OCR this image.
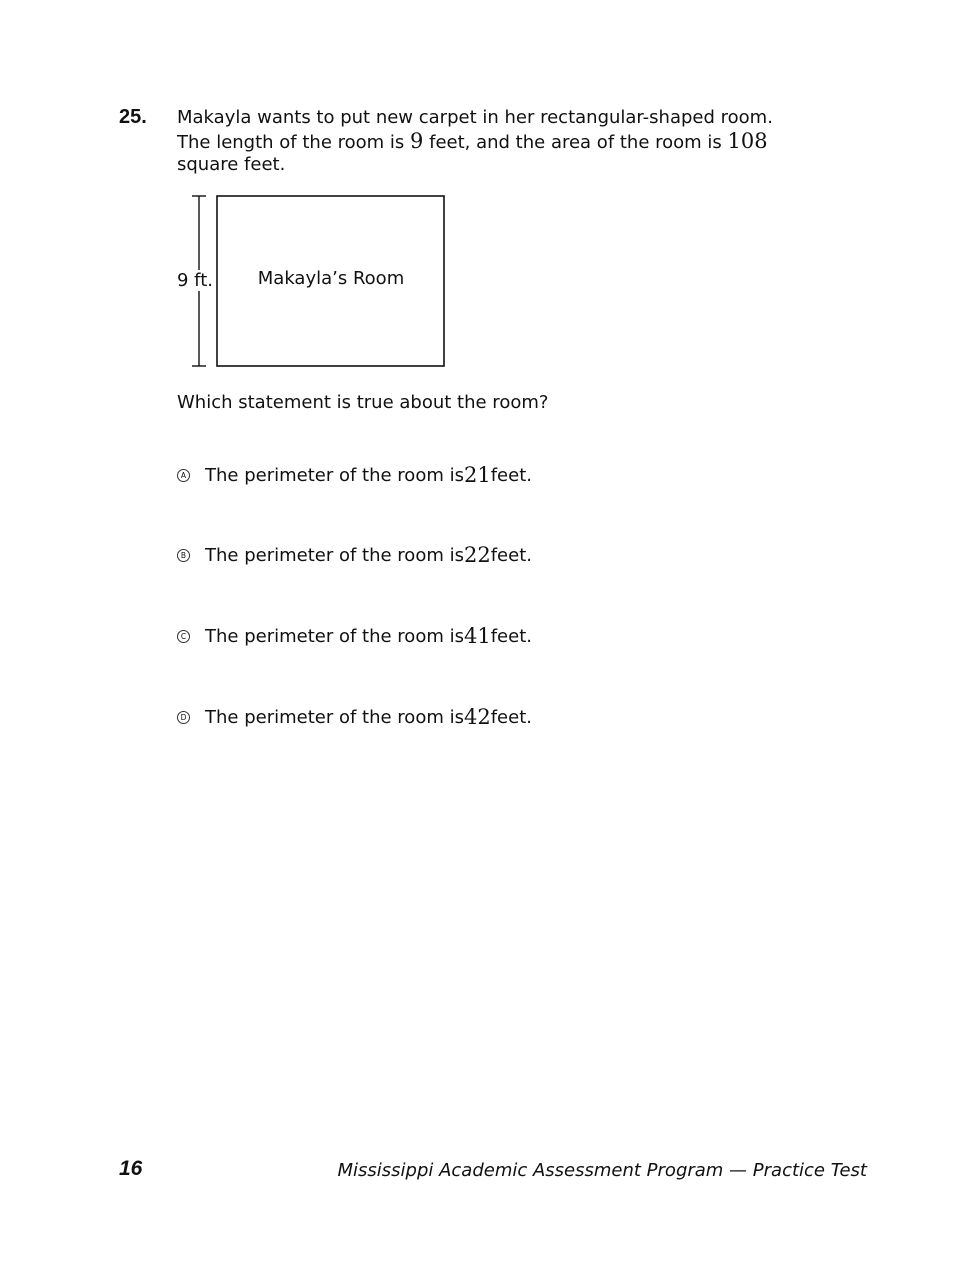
25. Makayla wants to put new carpet in her rectangular-shaped room.
The length of the room is 9 feet, and the area of the room is 108
square feet.
Makayla’s Room
9 ft.
Which statement is true about the room?
A The perimeter of the room is 21 feet.
B The perimeter of the room is 22 feet.
C The perimeter of the room is 41 feet.
D The perimeter of the room is 42 feet.
16	Mississippi Academic Assessment Program — Practice Test
